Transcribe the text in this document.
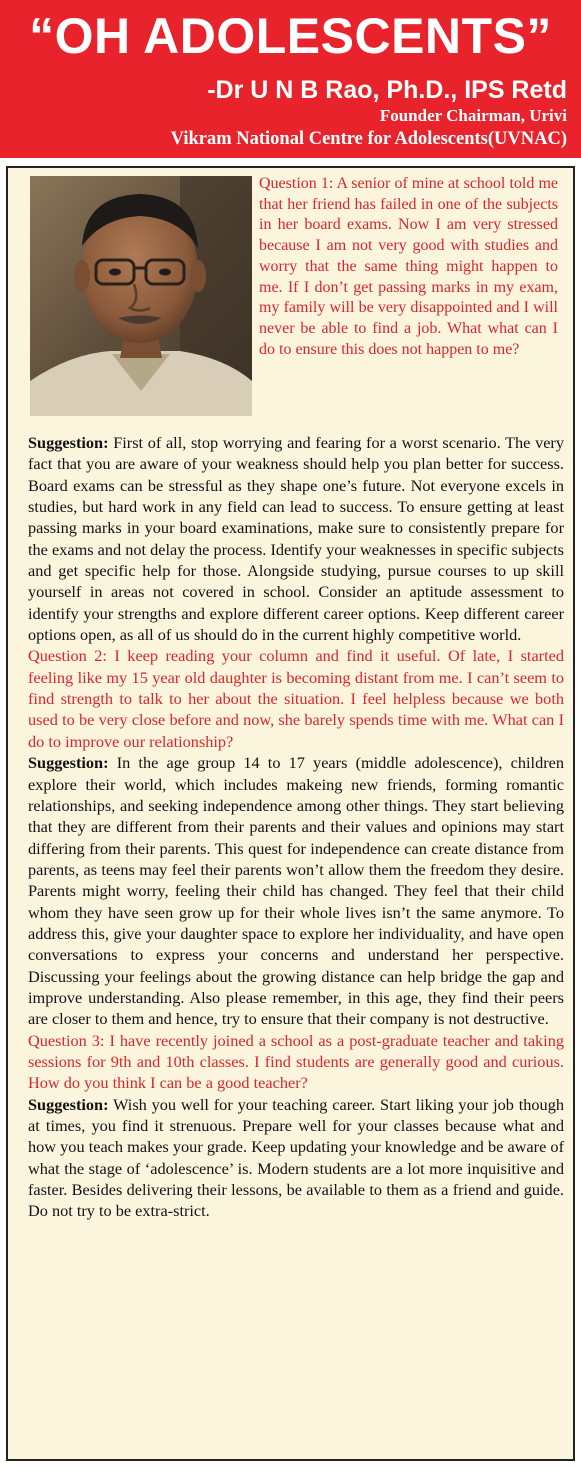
“OH ADOLESCENTS”
-Dr U N B Rao, Ph.D., IPS Retd
Founder Chairman, Urivi
Vikram National Centre for Adolescents(UVNAC)

Question 1: A senior of mine at school told me that her friend has failed in one of the subjects in her board exams. Now I am very stressed because I am not very good with studies and worry that the same thing might happen to me. If I don’t get passing marks in my exam, my family will be very disappointed and I will never be able to find a job. What what can I do to ensure this does not happen to me?

Suggestion: First of all, stop worrying and fearing for a worst scenario. The very fact that you are aware of your weakness should help you plan better for success. Board exams can be stressful as they shape one’s future. Not everyone excels in studies, but hard work in any field can lead to success. To ensure getting at least passing marks in your board examinations, make sure to consistently prepare for the exams and not delay the process. Identify your weaknesses in specific subjects and get specific help for those. Alongside studying, pursue courses to up skill yourself in areas not covered in school. Consider an aptitude assessment to identify your strengths and explore different career options. Keep different career options open, as all of us should do in the current highly competitive world.

Question 2: I keep reading your column and find it useful. Of late, I started feeling like my 15 year old daughter is becoming distant from me. I can’t seem to find strength to talk to her about the situation. I feel helpless because we both used to be very close before and now, she barely spends time with me. What can I do to improve our relationship?

Suggestion: In the age group 14 to 17 years (middle adolescence), children explore their world, which includes makeing new friends, forming romantic relationships, and seeking independence among other things. They start believing that they are different from their parents and their values and opinions may start differing from their parents. This quest for independence can create distance from parents, as teens may feel their parents won’t allow them the freedom they desire. Parents might worry, feeling their child has changed. They feel that their child whom they have seen grow up for their whole lives isn’t the same anymore. To address this, give your daughter space to explore her individuality, and have open conversations to express your concerns and understand her perspective. Discussing your feelings about the growing distance can help bridge the gap and improve understanding. Also please remember, in this age, they find their peers are closer to them and hence, try to ensure that their company is not destructive.

Question 3: I have recently joined a school as a post-graduate teacher and taking sessions for 9th and 10th classes. I find students are generally good and curious. How do you think I can be a good teacher?

Suggestion: Wish you well for your teaching career. Start liking your job though at times, you find it strenuous. Prepare well for your classes because what and how you teach makes your grade. Keep updating your knowledge and be aware of what the stage of ‘adolescence’ is. Modern students are a lot more inquisitive and faster. Besides delivering their lessons, be available to them as a friend and guide. Do not try to be extra-strict.
